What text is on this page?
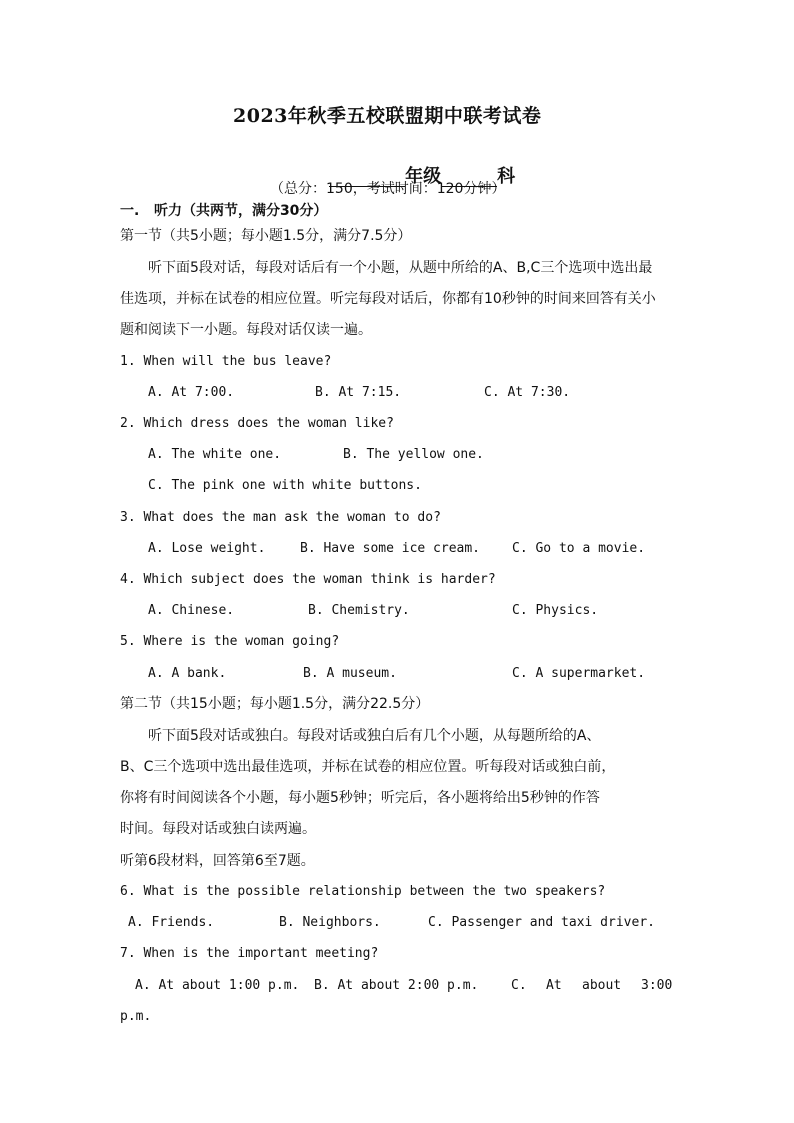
2023年秋季五校联盟期中联考试卷

年级	科

（总分：150，考试时间：120分钟）
一.   听力（共两节，满分30分）
第一节（共5小题；每小题1.5分，满分7.5分）
听下面5段对话，每段对话后有一个小题，从题中所给的A、B,C三个选项中选出最
佳选项，并标在试卷的相应位置。听完每段对话后，你都有10秒钟的时间来回答有关小
题和阅读下一小题。每段对话仅读一遍。
1. When will the bus leave?
A. At 7:00.	B. At 7:15.	C. At 7:30.
2. Which dress does the woman like?
A. The white one.	B. The yellow one.
C. The pink one with white buttons.
3. What does the man ask the woman to do?
A. Lose weight.	B. Have some ice cream. C. Go to a movie.
4. Which subject does the woman think is harder?
A. Chinese.	B. Chemistry.	C. Physics.
5. Where is the woman going?
A. A bank.	B. A museum.	C. A supermarket.
第二节（共15小题；每小题1.5分，满分22.5分）
听下面5段对话或独白。每段对话或独白后有几个小题，从每题所给的A、
B、C三个选项中选出最佳选项，并标在试卷的相应位置。听每段对话或独白前，
你将有时间阅读各个小题，每小题5秒钟；听完后，各小题将给出5秒钟的作答
时间。每段对话或独白读两遍。
听第6段材料，回答第6至7题。
6. What is the possible relationship between the two speakers?
A. Friends.	B. Neighbors.	C. Passenger and taxi driver.
7. When is the important meeting?
A. At about 1:00 p.m. B. At about 2:00 p.m.	C. At about 3:00
p.m.
